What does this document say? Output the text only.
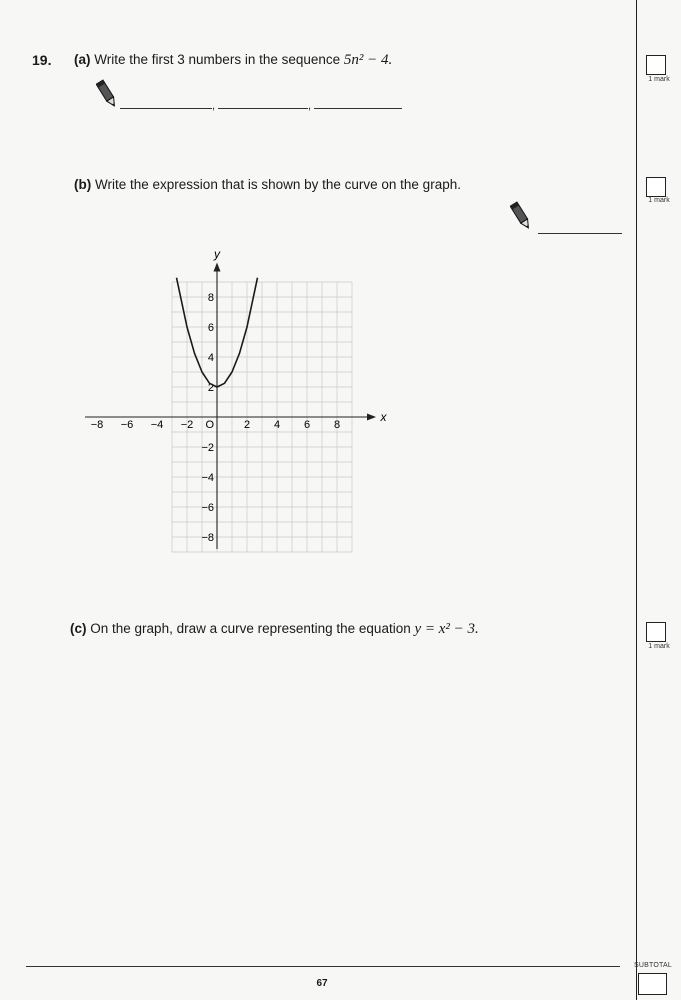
19. (a) Write the first 3 numbers in the sequence 5n² − 4.
,	,
1 mark
(b) Write the expression that is shown by the curve on the graph.
1 mark
x
y
−8 −6 −4 −2	2 4 6 8
8
6
4
2
−2
−4
−6
−8
O
(c) On the graph, draw a curve representing the equation y = x² − 3.
1 mark
67
SUBTOTAL
